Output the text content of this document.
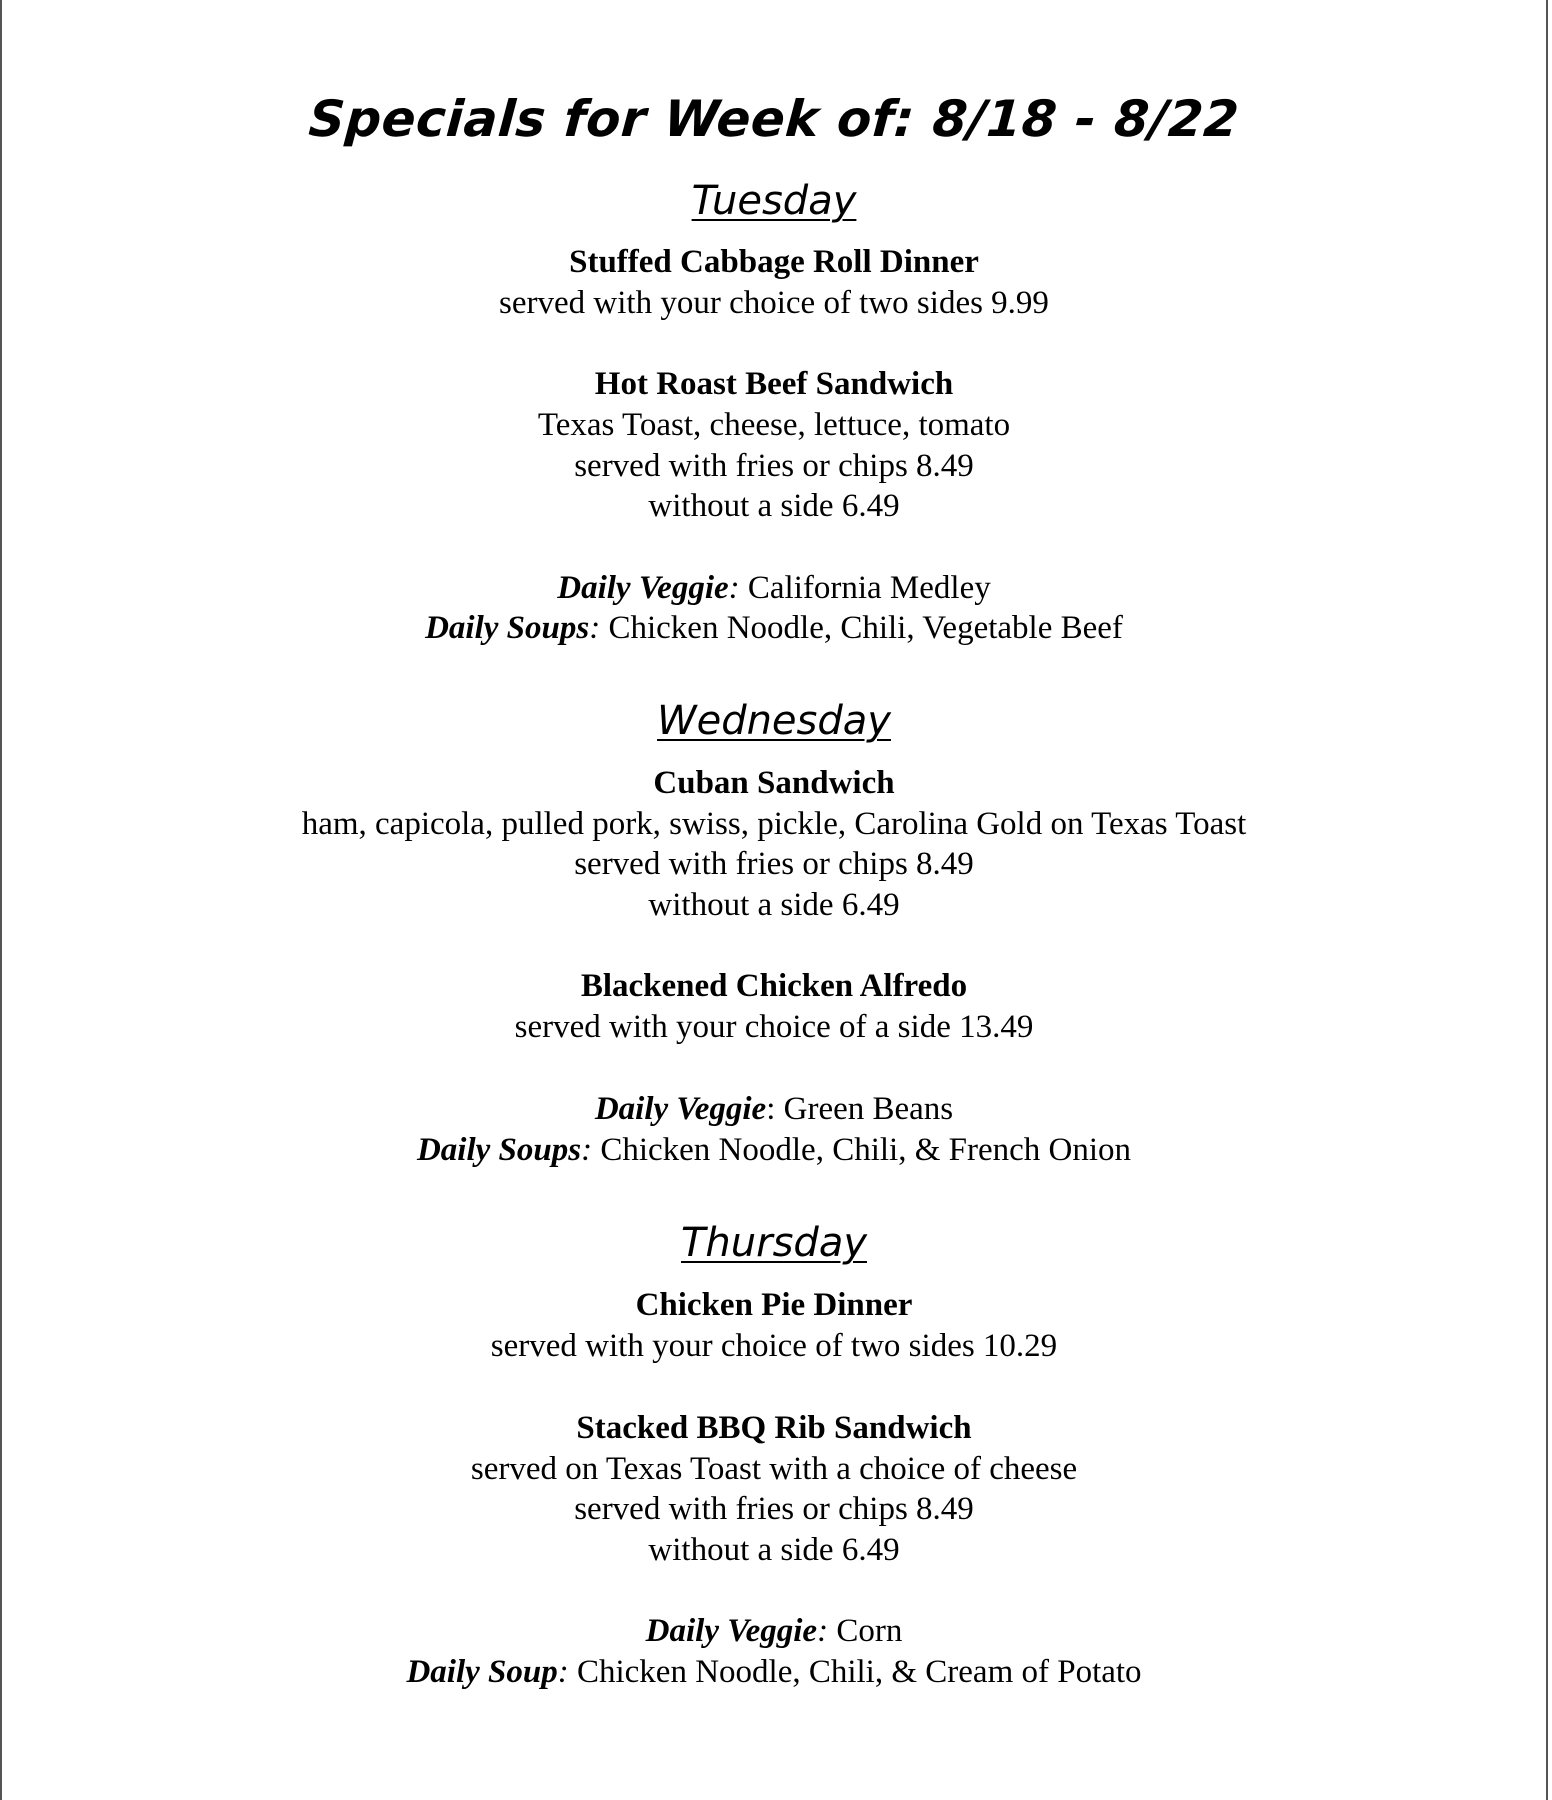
Specials for Week of: 8/18 - 8/22
Tuesday

Stuffed Cabbage Roll Dinner

served with your choice of two sides 9.99

Hot Roast Beef Sandwich

Texas Toast, cheese, lettuce, tomato

served with fries or chips 8.49

without a side 6.49

Daily Veggie: California Medley

Daily Soups: Chicken Noodle, Chili, Vegetable Beef

Wednesday

Cuban Sandwich

ham, capicola, pulled pork, swiss, pickle, Carolina Gold on Texas Toast

served with fries or chips 8.49

without a side 6.49

Blackened Chicken Alfredo

served with your choice of a side 13.49

Daily Veggie: Green Beans

Daily Soups: Chicken Noodle, Chili, & French Onion

Thursday

Chicken Pie Dinner

served with your choice of two sides 10.29

Stacked BBQ Rib Sandwich

served on Texas Toast with a choice of cheese

served with fries or chips 8.49

without a side 6.49

Daily Veggie: Corn

Daily Soup: Chicken Noodle, Chili, & Cream of Potato
